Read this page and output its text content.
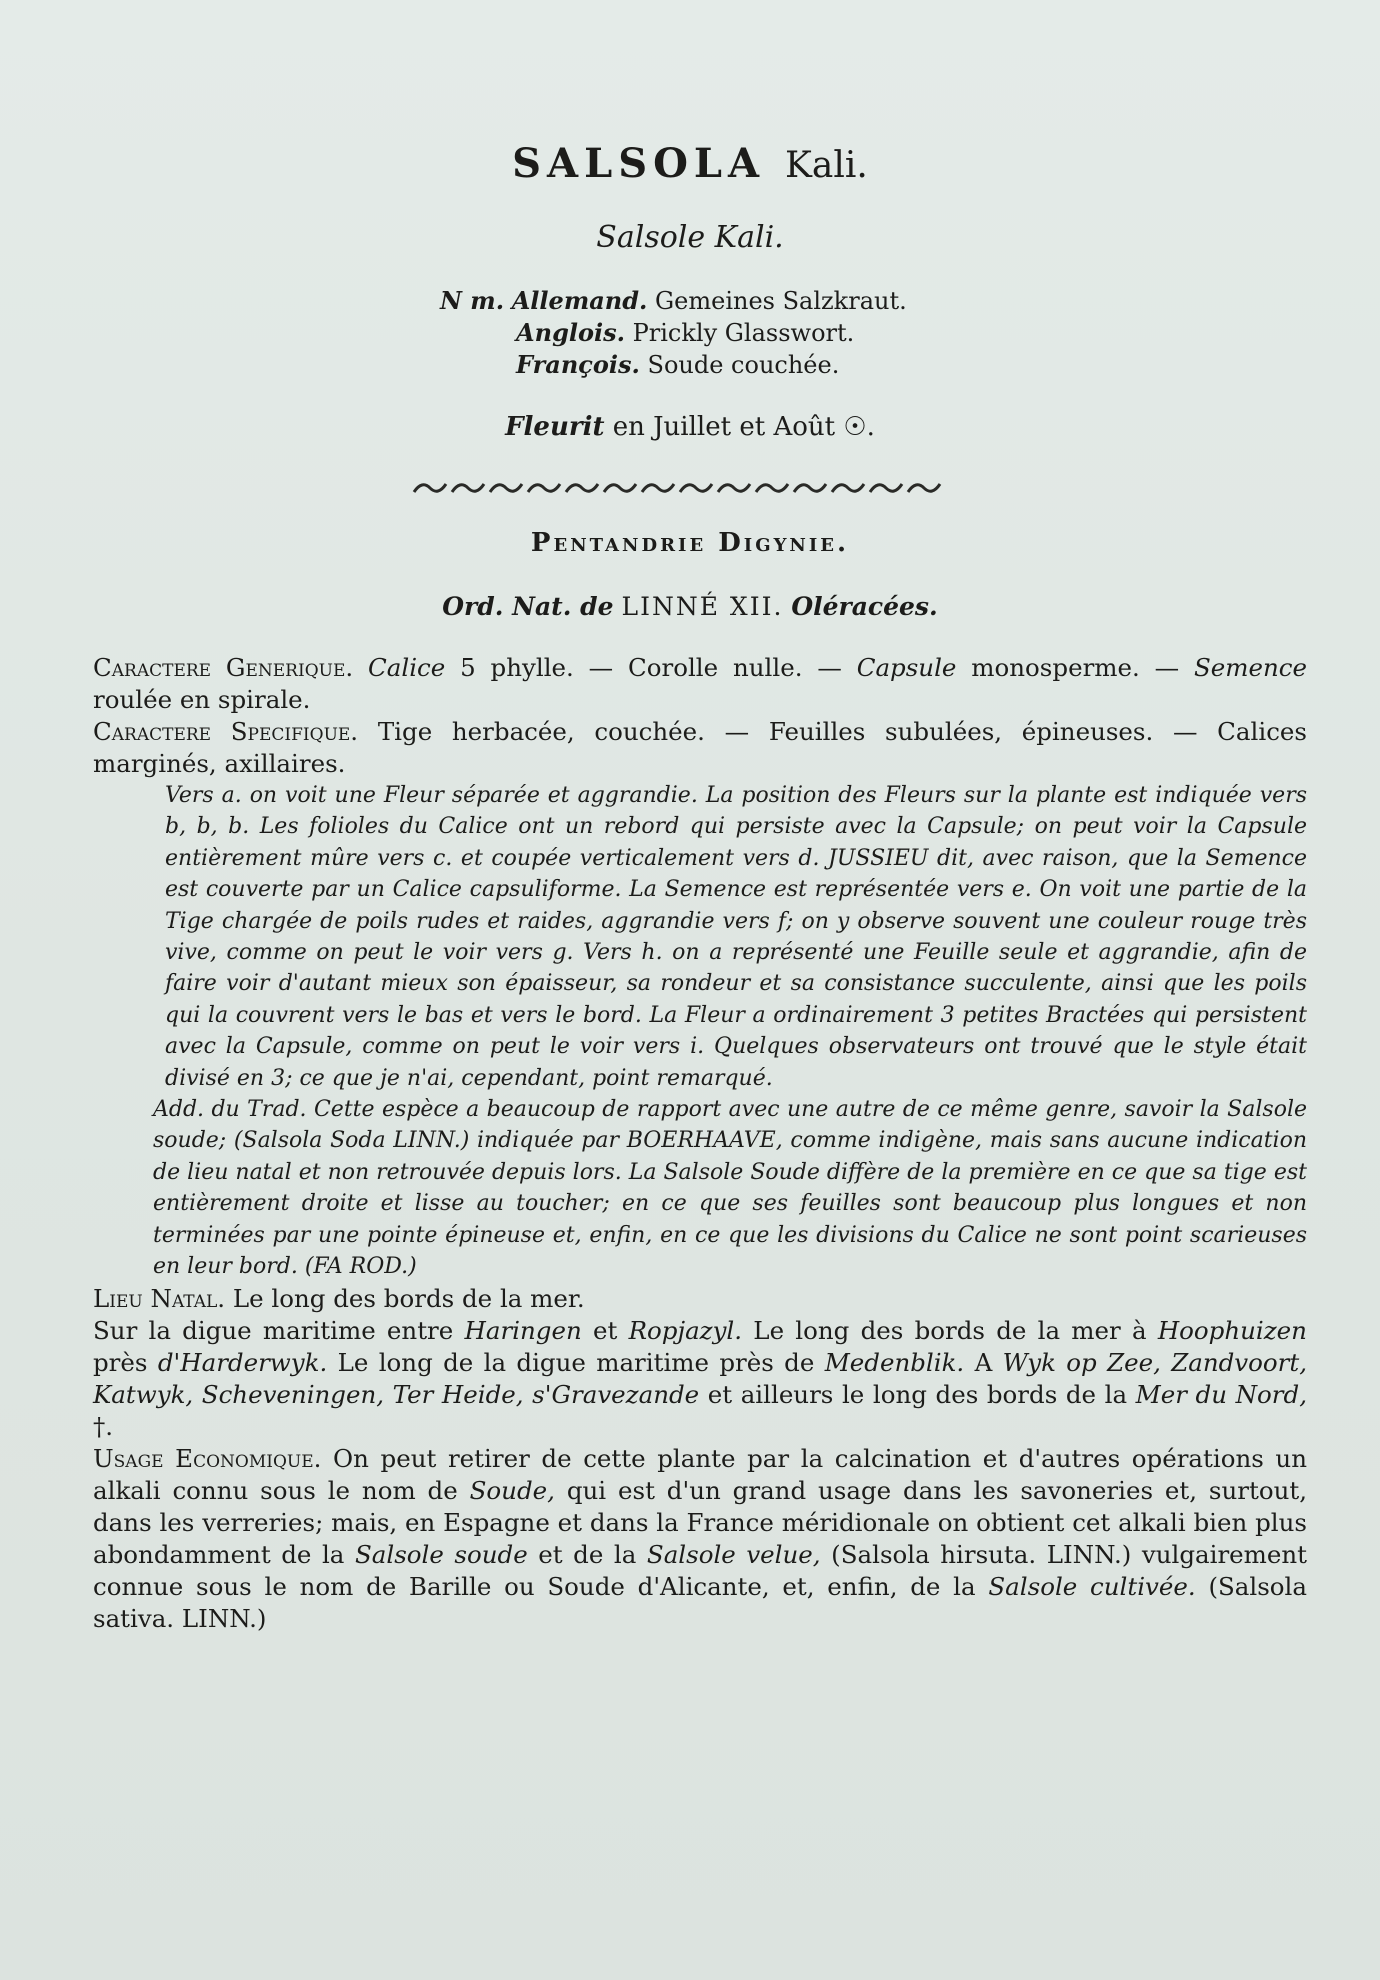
SALSOLA Kali.
Salsole Kali.
N m. Allemand. Gemeines Salzkraut.
Anglois. Prickly Glasswort.
François. Soude couchée.
Fleurit en Juillet et Août ☉.
Pentandrie Digynie.
Ord. Nat. de LINNÉ XII. Oléracées.

Caractere Generique. Calice 5 phylle. — Corolle nulle. — Capsule monosperme. — Semence roulée en spirale.

Caractere Specifique. Tige herbacée, couchée. — Feuilles subulées, épineuses. — Calices marginés, axillaires.

Vers a. on voit une Fleur séparée et aggrandie. La position des Fleurs sur la plante est indiquée vers b, b, b. Les folioles du Calice ont un rebord qui persiste avec la Capsule; on peut voir la Capsule entièrement mûre vers c. et coupée verticalement vers d. JUSSIEU dit, avec raison, que la Semence est couverte par un Calice capsuliforme. La Semence est représentée vers e. On voit une partie de la Tige chargée de poils rudes et raides, aggrandie vers f; on y observe souvent une couleur rouge très vive, comme on peut le voir vers g. Vers h. on a représenté une Feuille seule et aggrandie, afin de faire voir d'autant mieux son épaisseur, sa rondeur et sa consistance succulente, ainsi que les poils qui la couvrent vers le bas et vers le bord. La Fleur a ordinairement 3 petites Bractées qui persistent avec la Capsule, comme on peut le voir vers i. Quelques observateurs ont trouvé que le style était divisé en 3; ce que je n'ai, cependant, point remarqué.

Add. du Trad. Cette espèce a beaucoup de rapport avec une autre de ce même genre, savoir la Salsole soude; (Salsola Soda LINN.) indiquée par BOERHAAVE, comme indigène, mais sans aucune indication de lieu natal et non retrouvée depuis lors. La Salsole Soude diffère de la première en ce que sa tige est entièrement droite et lisse au toucher; en ce que ses feuilles sont beaucoup plus longues et non terminées par une pointe épineuse et, enfin, en ce que les divisions du Calice ne sont point scarieuses en leur bord. (FA ROD.)

Lieu Natal. Le long des bords de la mer.
Sur la digue maritime entre Haringen et Ropjazyl. Le long des bords de la mer à Hoophuizen près d'Harderwyk. Le long de la digue maritime près de Medenblik. A Wyk op Zee, Zandvoort, Katwyk, Scheveningen, Ter Heide, s'Gravezande et ailleurs le long des bords de la Mer du Nord, †.

Usage Economique. On peut retirer de cette plante par la calcination et d'autres opérations un alkali connu sous le nom de Soude, qui est d'un grand usage dans les savoneries et, surtout, dans les verreries; mais, en Espagne et dans la France méridionale on obtient cet alkali bien plus abondamment de la Salsole soude et de la Salsole velue, (Salsola hirsuta. LINN.) vulgairement connue sous le nom de Barille ou Soude d'Alicante, et, enfin, de la Salsole cultivée. (Salsola sativa. LINN.)
